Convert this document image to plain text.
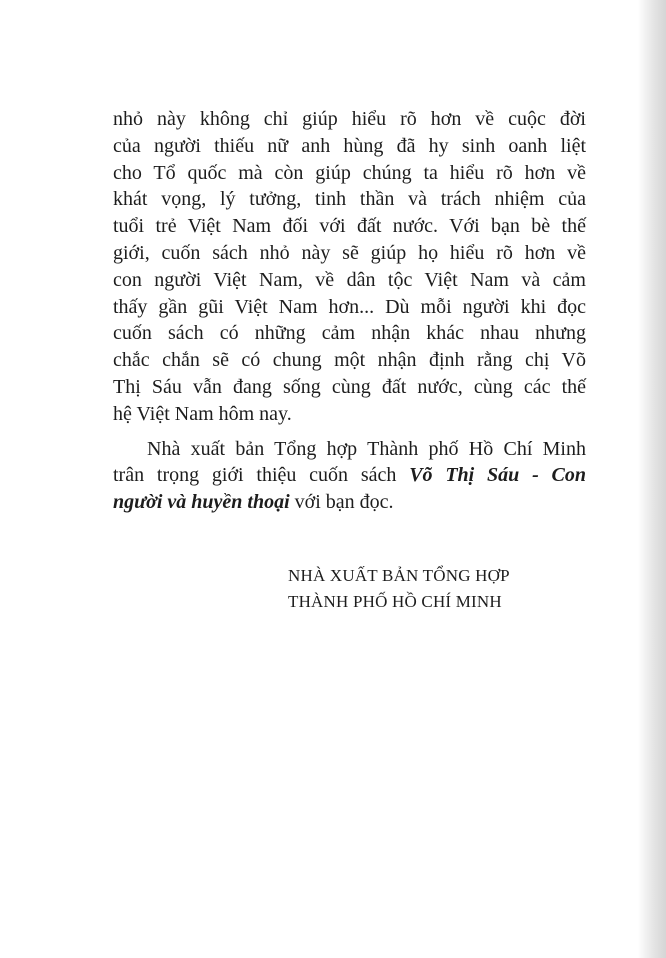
nhỏ này không chỉ giúp hiểu rõ hơn về cuộc đời
của người thiếu nữ anh hùng đã hy sinh oanh liệt
cho Tổ quốc mà còn giúp chúng ta hiểu rõ hơn về
khát vọng, lý tưởng, tinh thần và trách nhiệm của
tuổi trẻ Việt Nam đối với đất nước. Với bạn bè thế
giới, cuốn sách nhỏ này sẽ giúp họ hiểu rõ hơn về
con người Việt Nam, về dân tộc Việt Nam và cảm
thấy gần gũi Việt Nam hơn... Dù mỗi người khi đọc
cuốn sách có những cảm nhận khác nhau nhưng
chắc chắn sẽ có chung một nhận định rằng chị Võ
Thị Sáu vẫn đang sống cùng đất nước, cùng các thế
hệ Việt Nam hôm nay.

Nhà xuất bản Tổng hợp Thành phố Hồ Chí Minh
trân trọng giới thiệu cuốn sách Võ Thị Sáu - Con
người và huyền thoại với bạn đọc.

NHÀ XUẤT BẢN TỔNG HỢP
THÀNH PHỐ HỒ CHÍ MINH
